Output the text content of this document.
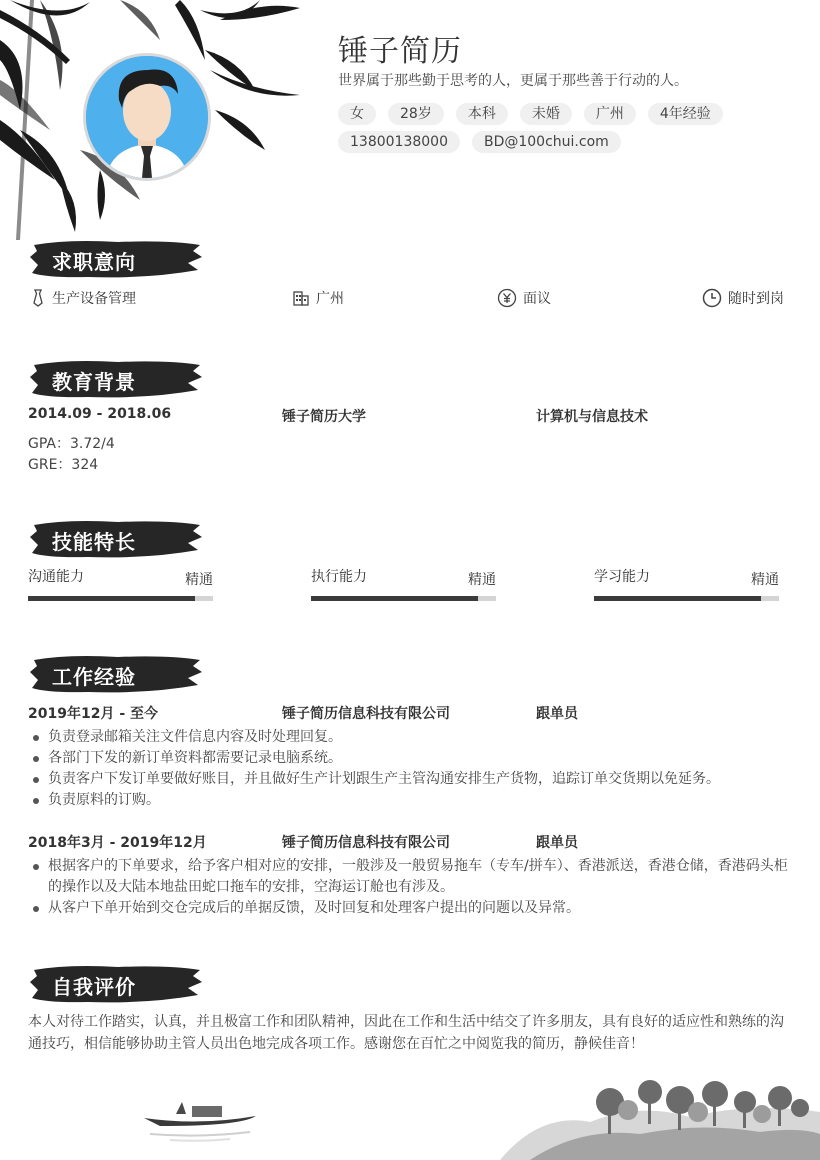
锤子简历
世界属于那些勤于思考的人，更属于那些善于行动的人。
女	28岁	本科	未婚	广州	4年经验
13800138000	BD@100chui.com
求职意向
生产设备管理	广州	面议	随时到岗
教育背景
2014.09 - 2018.06	锤子简历大学	计算机与信息技术
GPA：3.72/4
GRE：324
技能特长
沟通能力	精通	执行能力	精通	学习能力	精通
工作经验
2019年12月 - 至今	锤子简历信息科技有限公司	跟单员
负责登录邮箱关注文件信息内容及时处理回复。
各部门下发的新订单资料都需要记录电脑系统。
负责客户下发订单要做好账目，并且做好生产计划跟生产主管沟通安排生产货物，追踪订单交货期以免延务。
负责原料的订购。
2018年3月 - 2019年12月	锤子简历信息科技有限公司	跟单员
根据客户的下单要求，给予客户相对应的安排，一般涉及一般贸易拖车（专车/拼车）、香港派送，香港仓储，香港码头柜的操作以及大陆本地盐田蛇口拖车的安排，空海运订舱也有涉及。
从客户下单开始到交仓完成后的单据反馈，及时回复和处理客户提出的问题以及异常。
自我评价
本人对待工作踏实，认真，并且极富工作和团队精神，因此在工作和生活中结交了许多朋友，具有良好的适应性和熟练的沟通技巧，相信能够协助主管人员出色地完成各项工作。感谢您在百忙之中阅览我的简历，静候佳音！
